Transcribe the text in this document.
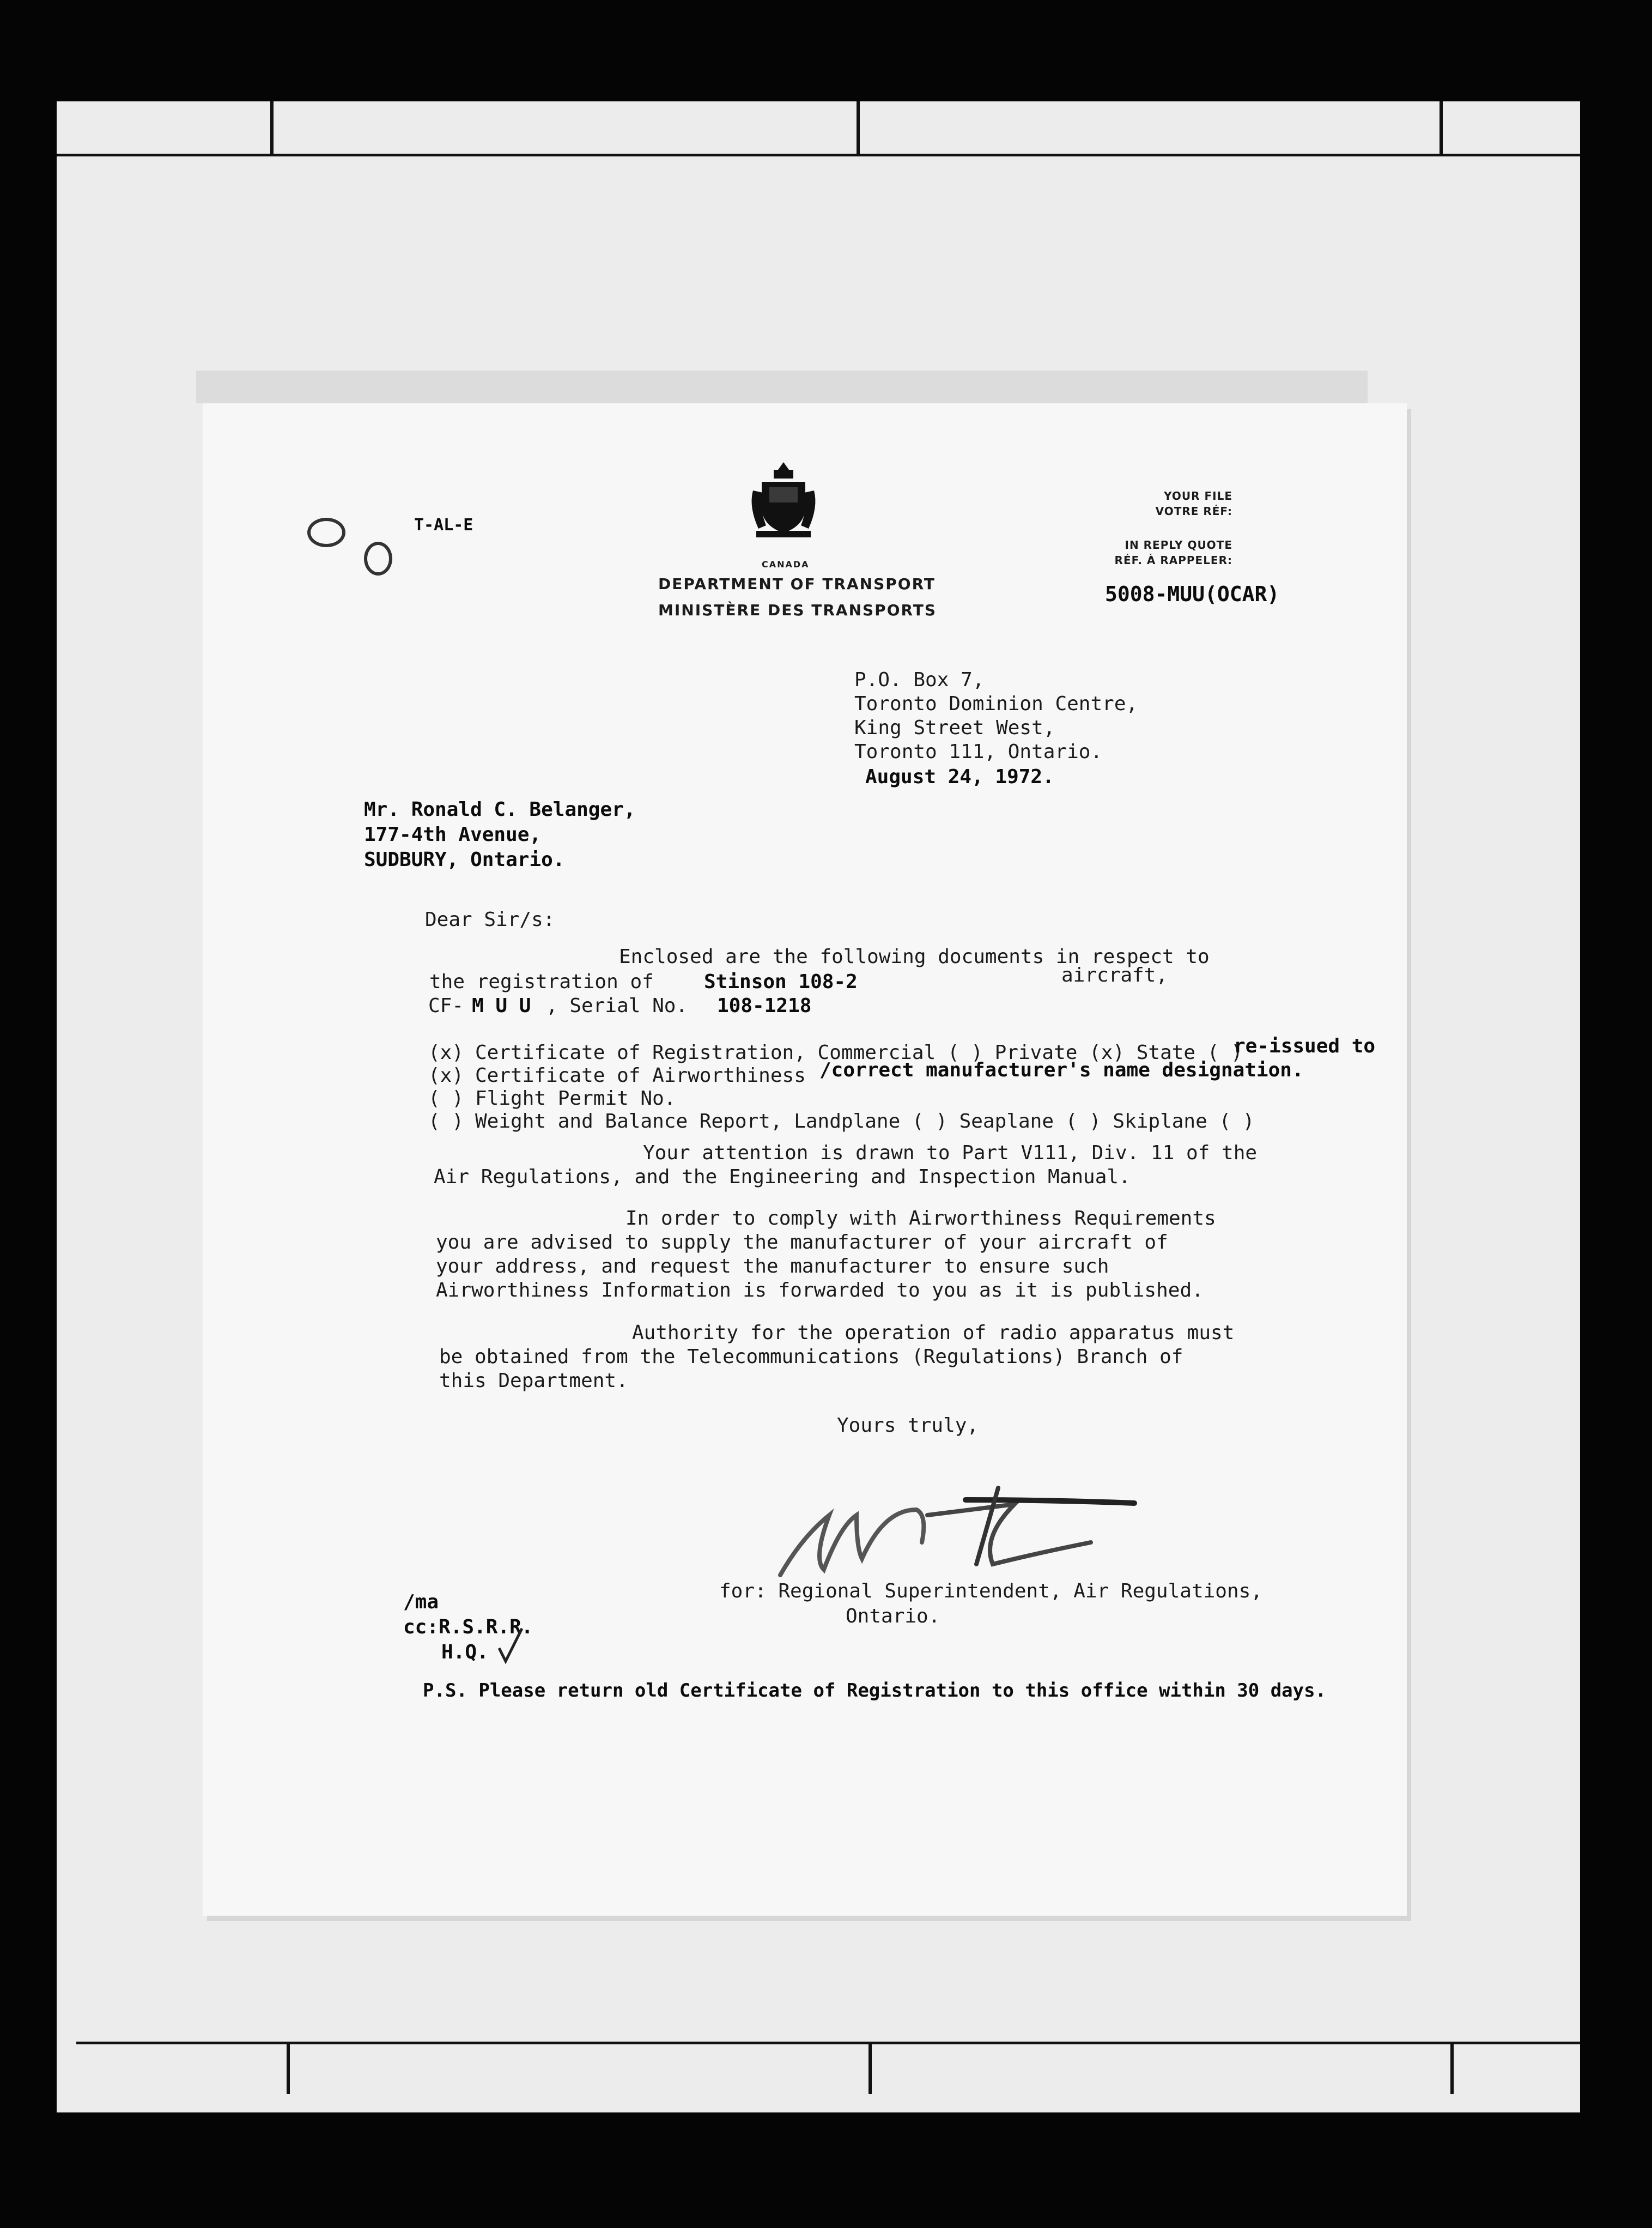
T-AL-E
CANADA
DEPARTMENT OF TRANSPORT
MINISTÈRE DES TRANSPORTS
YOUR FILE
VOTRE RÉF:
IN REPLY QUOTE
RÉF. À RAPPELER:
5008-MUU(OCAR)
P.O. Box 7,
Toronto Dominion Centre,
King Street West,
Toronto 111, Ontario.
August 24, 1972.
Mr. Ronald C. Belanger,
177-4th Avenue,
SUDBURY, Ontario.
Dear Sir/s:
Enclosed are the following documents in respect to
the registration of	Stinson 108-2	aircraft,
CF- M U U , Serial No. 108-1218
(x) Certificate of Registration, Commercial ( ) Private (x) State ( )
re-issued to
(x) Certificate of Airworthiness /correct manufacturer's name designation.
( ) Flight Permit No.
( ) Weight and Balance Report, Landplane ( ) Seaplane ( ) Skiplane ( )
Your attention is drawn to Part V111, Div. 11 of the
Air Regulations, and the Engineering and Inspection Manual.
In order to comply with Airworthiness Requirements
you are advised to supply the manufacturer of your aircraft of
your address, and request the manufacturer to ensure such
Airworthiness Information is forwarded to you as it is published.
Authority for the operation of radio apparatus must
be obtained from the Telecommunications (Regulations) Branch of
this Department.
Yours truly,
for: Regional Superintendent, Air Regulations,
Ontario.
/ma
cc:R.S.R.R.
H.Q.
P.S. Please return old Certificate of Registration to this office within 30 days.
